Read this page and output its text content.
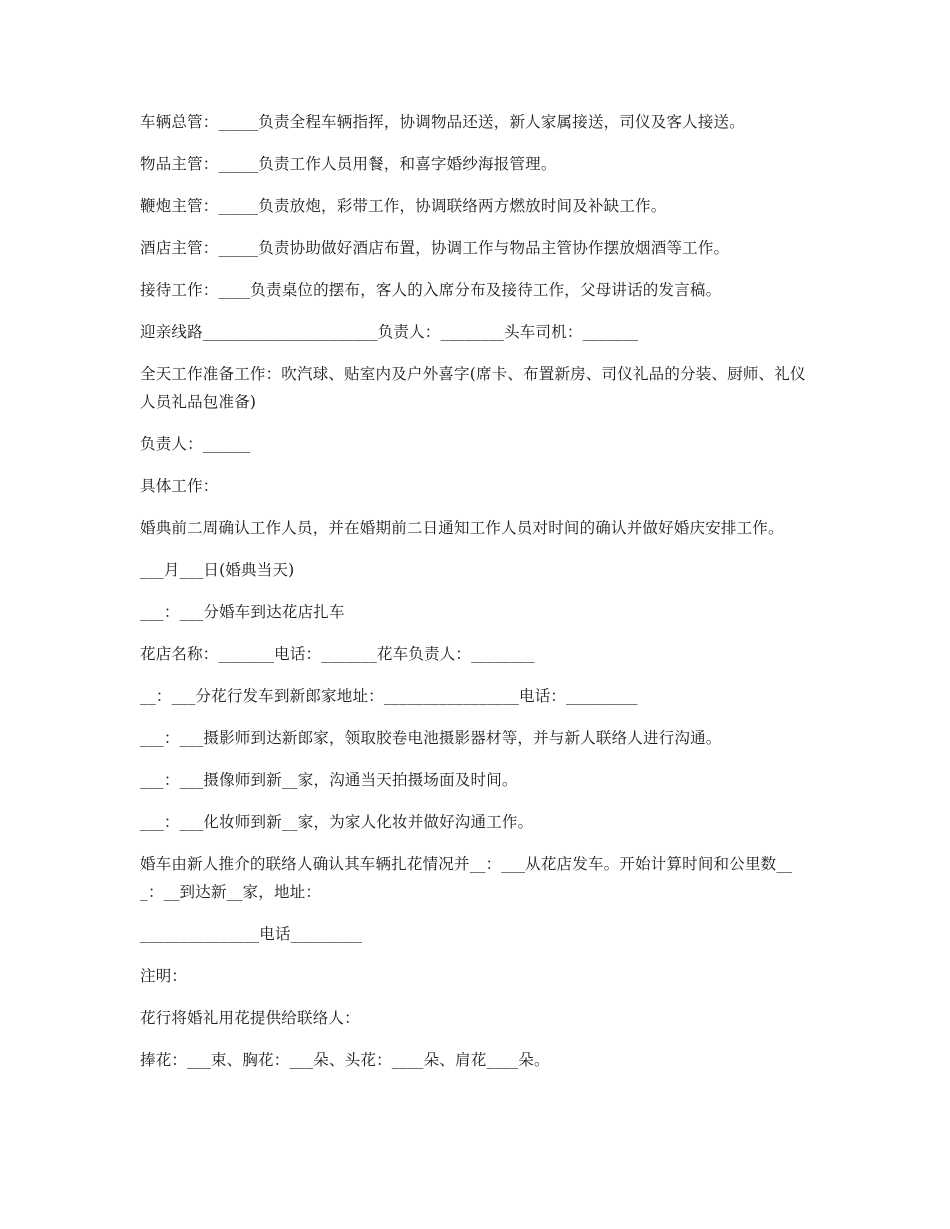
车辆总管：_____负责全程车辆指挥，协调物品还送，新人家属接送，司仪及客人接送。

物品主管：_____负责工作人员用餐，和喜字婚纱海报管理。

鞭炮主管：_____负责放炮，彩带工作，协调联络两方燃放时间及补缺工作。

酒店主管：_____负责协助做好酒店布置，协调工作与物品主管协作摆放烟酒等工作。

接待工作：____负责桌位的摆布，客人的入席分布及接待工作，父母讲话的发言稿。

迎亲线路______________________负责人：________头车司机：_______

全天工作准备工作：吹汽球、贴室内及户外喜字(席卡、布置新房、司仪礼品的分装、厨师、礼仪人员礼品包准备)

负责人：______

具体工作：

婚典前二周确认工作人员，并在婚期前二日通知工作人员对时间的确认并做好婚庆安排工作。

___月___日(婚典当天)

___：___分婚车到达花店扎车

花店名称：_______电话：_______花车负责人：________

__：___分花行发车到新郎家地址：_________________电话：_________

___：___摄影师到达新郎家，领取胶卷电池摄影器材等，并与新人联络人进行沟通。

___：___摄像师到新__家，沟通当天拍摄场面及时间。

___：___化妆师到新__家，为家人化妆并做好沟通工作。

婚车由新人推介的联络人确认其车辆扎花情况并__：___从花店发车。开始计算时间和公里数___：__到达新__家，地址：

_______________电话_________

注明：

花行将婚礼用花提供给联络人：

捧花：___束、胸花：___朵、头花：____朵、肩花____朵。
